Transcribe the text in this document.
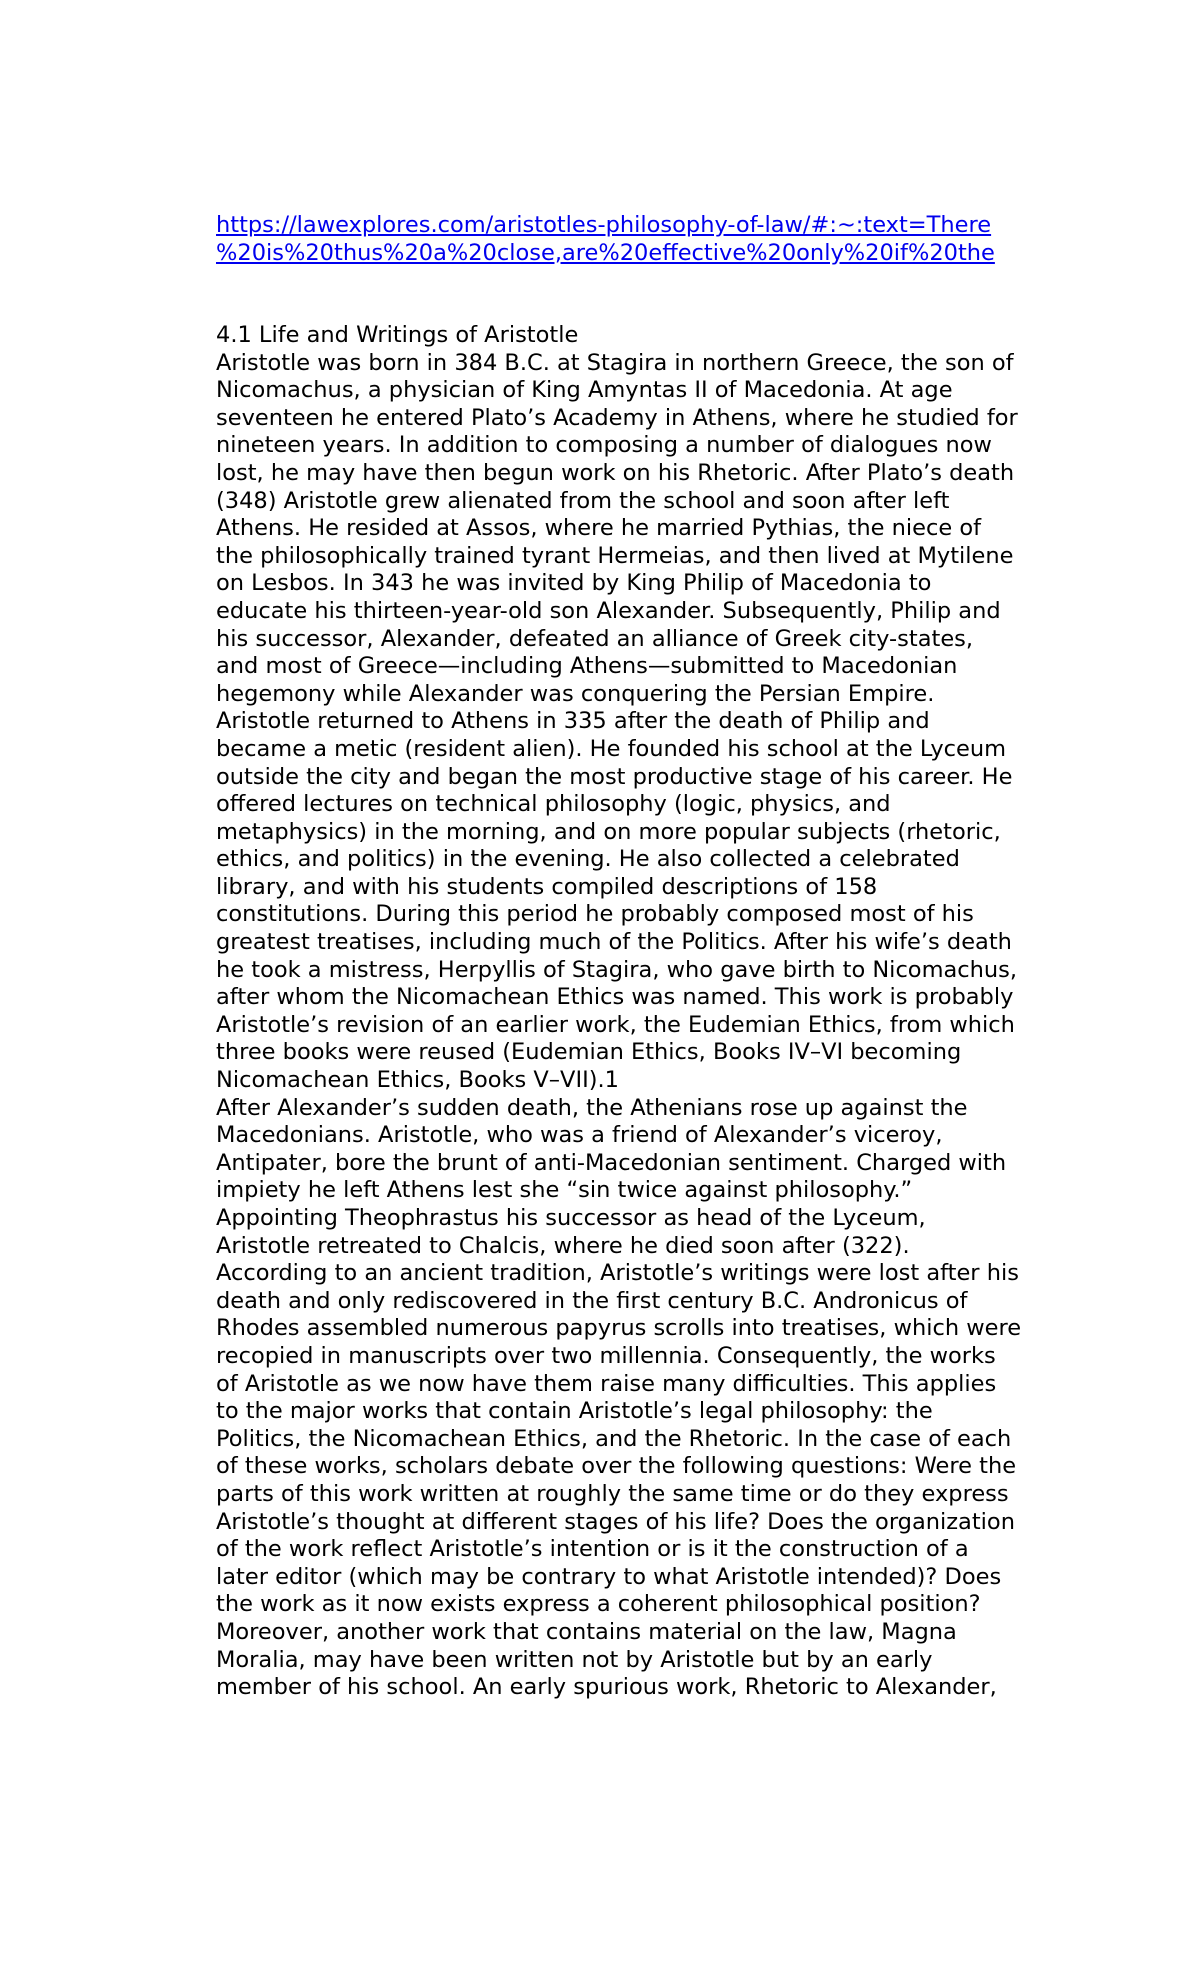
https://lawexplores.com/aristotles-philosophy-of-law/#:~:text=There
%20is%20thus%20a%20close,are%20effective%20only%20if%20the
4.1 Life and Writings of Aristotle
Aristotle was born in 384 B.C. at Stagira in northern Greece, the son of
Nicomachus, a physician of King Amyntas II of Macedonia. At age
seventeen he entered Plato’s Academy in Athens, where he studied for
nineteen years. In addition to composing a number of dialogues now
lost, he may have then begun work on his Rhetoric. After Plato’s death
(348) Aristotle grew alienated from the school and soon after left
Athens. He resided at Assos, where he married Pythias, the niece of
the philosophically trained tyrant Hermeias, and then lived at Mytilene
on Lesbos. In 343 he was invited by King Philip of Macedonia to
educate his thirteen-year-old son Alexander. Subsequently, Philip and
his successor, Alexander, defeated an alliance of Greek city-states,
and most of Greece—including Athens—submitted to Macedonian
hegemony while Alexander was conquering the Persian Empire.
Aristotle returned to Athens in 335 after the death of Philip and
became a metic (resident alien). He founded his school at the Lyceum
outside the city and began the most productive stage of his career. He
offered lectures on technical philosophy (logic, physics, and
metaphysics) in the morning, and on more popular subjects (rhetoric,
ethics, and politics) in the evening. He also collected a celebrated
library, and with his students compiled descriptions of 158
constitutions. During this period he probably composed most of his
greatest treatises, including much of the Politics. After his wife’s death
he took a mistress, Herpyllis of Stagira, who gave birth to Nicomachus,
after whom the Nicomachean Ethics was named. This work is probably
Aristotle’s revision of an earlier work, the Eudemian Ethics, from which
three books were reused (Eudemian Ethics, Books IV–VI becoming
Nicomachean Ethics, Books V–VII).1
After Alexander’s sudden death, the Athenians rose up against the
Macedonians. Aristotle, who was a friend of Alexander’s viceroy,
Antipater, bore the brunt of anti-Macedonian sentiment. Charged with
impiety he left Athens lest she “sin twice against philosophy.”
Appointing Theophrastus his successor as head of the Lyceum,
Aristotle retreated to Chalcis, where he died soon after (322).
According to an ancient tradition, Aristotle’s writings were lost after his
death and only rediscovered in the first century B.C. Andronicus of
Rhodes assembled numerous papyrus scrolls into treatises, which were
recopied in manuscripts over two millennia. Consequently, the works
of Aristotle as we now have them raise many difficulties. This applies
to the major works that contain Aristotle’s legal philosophy: the
Politics, the Nicomachean Ethics, and the Rhetoric. In the case of each
of these works, scholars debate over the following questions: Were the
parts of this work written at roughly the same time or do they express
Aristotle’s thought at different stages of his life? Does the organization
of the work reflect Aristotle’s intention or is it the construction of a
later editor (which may be contrary to what Aristotle intended)? Does
the work as it now exists express a coherent philosophical position?
Moreover, another work that contains material on the law, Magna
Moralia, may have been written not by Aristotle but by an early
member of his school. An early spurious work, Rhetoric to Alexander,
